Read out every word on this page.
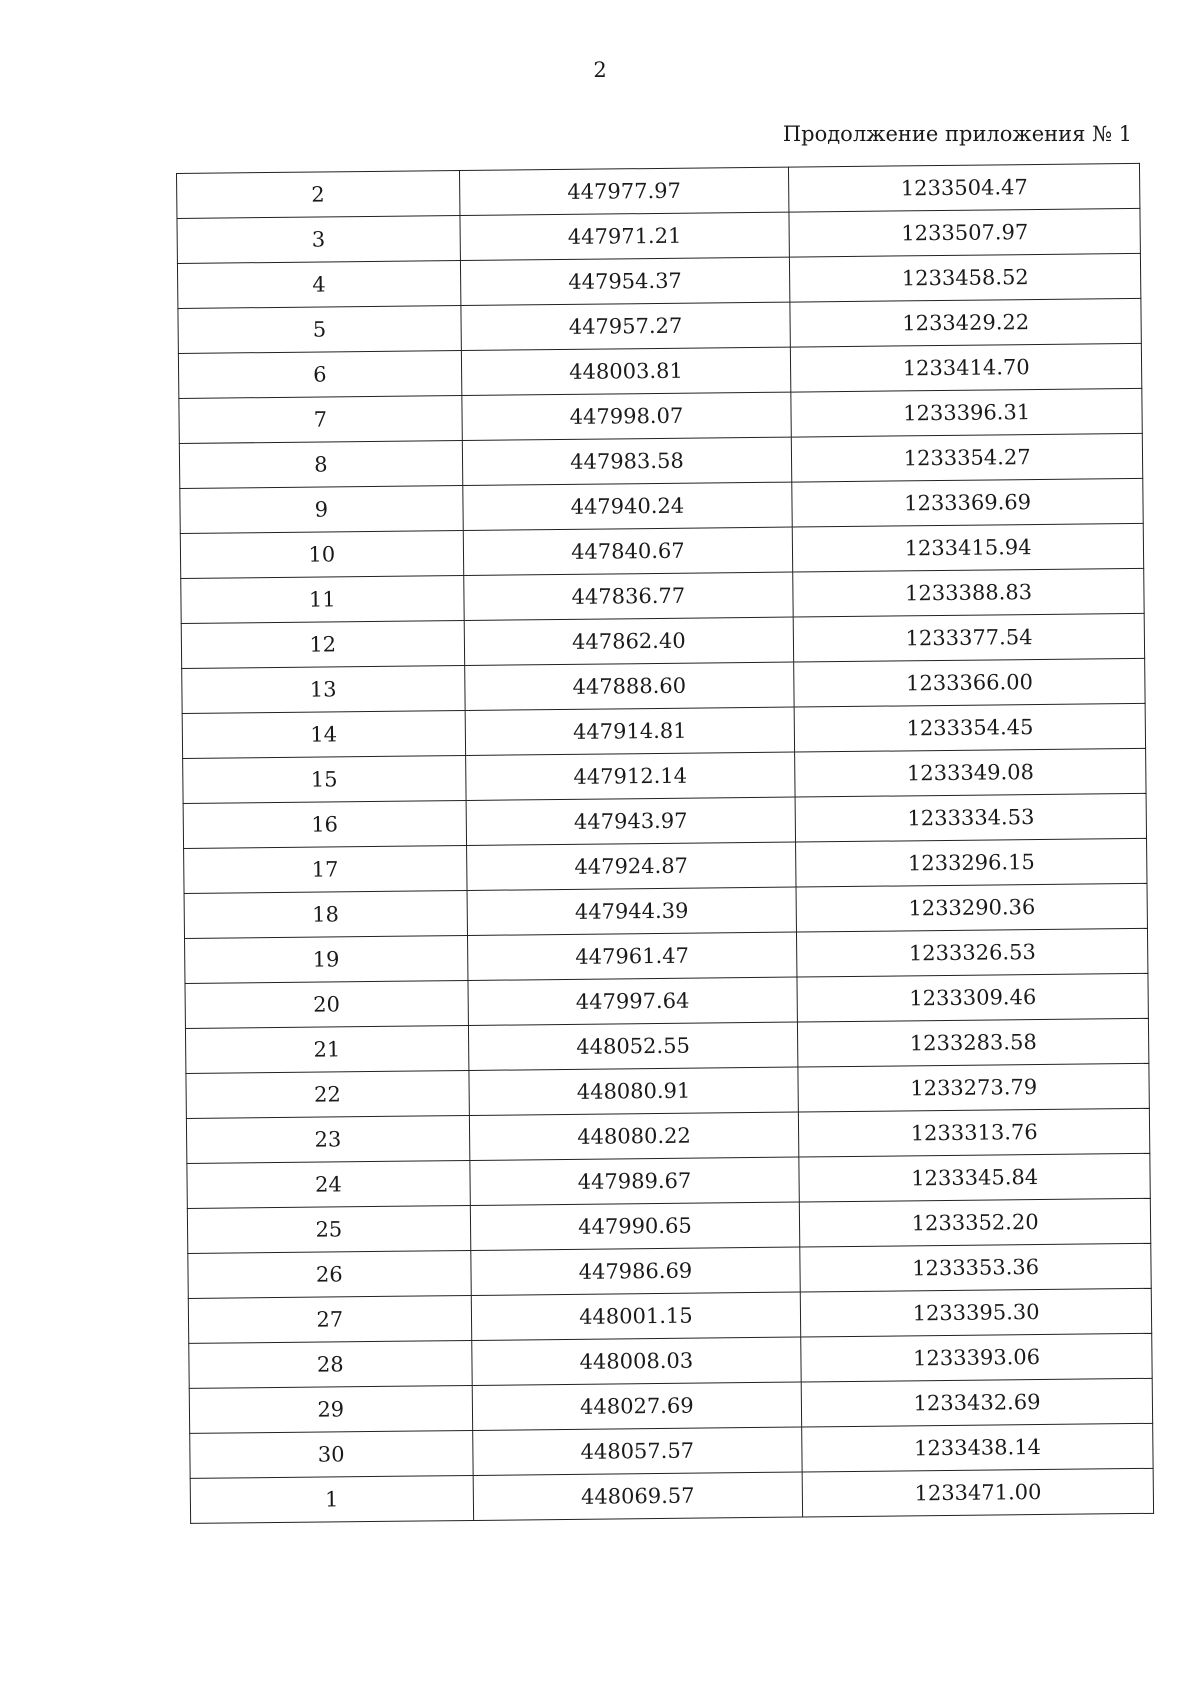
2
Продолжение приложения № 1
2	447977.97	1233504.47
3	447971.21	1233507.97
4	447954.37	1233458.52
5	447957.27	1233429.22
6	448003.81	1233414.70
7	447998.07	1233396.31
8	447983.58	1233354.27
9	447940.24	1233369.69
10	447840.67	1233415.94
11	447836.77	1233388.83
12	447862.40	1233377.54
13	447888.60	1233366.00
14	447914.81	1233354.45
15	447912.14	1233349.08
16	447943.97	1233334.53
17	447924.87	1233296.15
18	447944.39	1233290.36
19	447961.47	1233326.53
20	447997.64	1233309.46
21	448052.55	1233283.58
22	448080.91	1233273.79
23	448080.22	1233313.76
24	447989.67	1233345.84
25	447990.65	1233352.20
26	447986.69	1233353.36
27	448001.15	1233395.30
28	448008.03	1233393.06
29	448027.69	1233432.69
30	448057.57	1233438.14
1	448069.57	1233471.00
